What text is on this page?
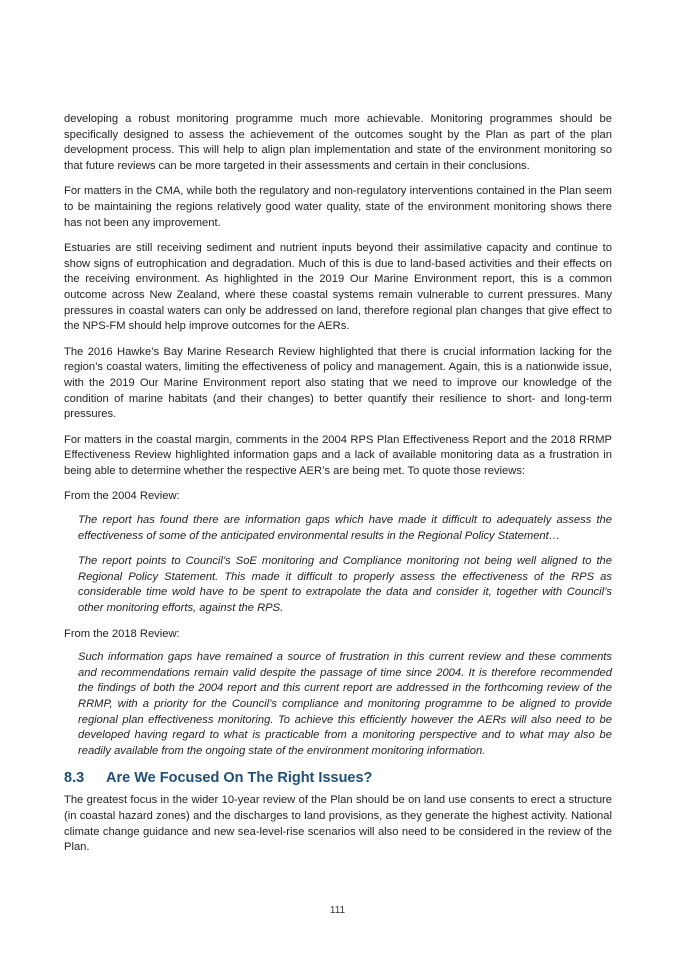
developing a robust monitoring programme much more achievable. Monitoring programmes should be specifically designed to assess the achievement of the outcomes sought by the Plan as part of the plan development process. This will help to align plan implementation and state of the environment monitoring so that future reviews can be more targeted in their assessments and certain in their conclusions.

For matters in the CMA, while both the regulatory and non-regulatory interventions contained in the Plan seem to be maintaining the regions relatively good water quality, state of the environment monitoring shows there has not been any improvement.

Estuaries are still receiving sediment and nutrient inputs beyond their assimilative capacity and continue to show signs of eutrophication and degradation. Much of this is due to land-based activities and their effects on the receiving environment. As highlighted in the 2019 Our Marine Environment report, this is a common outcome across New Zealand, where these coastal systems remain vulnerable to current pressures. Many pressures in coastal waters can only be addressed on land, therefore regional plan changes that give effect to the NPS-FM should help improve outcomes for the AERs.

The 2016 Hawke’s Bay Marine Research Review highlighted that there is crucial information lacking for the region’s coastal waters, limiting the effectiveness of policy and management. Again, this is a nationwide issue, with the 2019 Our Marine Environment report also stating that we need to improve our knowledge of the condition of marine habitats (and their changes) to better quantify their resilience to short- and long-term pressures.

For matters in the coastal margin, comments in the 2004 RPS Plan Effectiveness Report and the 2018 RRMP Effectiveness Review highlighted information gaps and a lack of available monitoring data as a frustration in being able to determine whether the respective AER’s are being met. To quote those reviews:

From the 2004 Review:

The report has found there are information gaps which have made it difficult to adequately assess the effectiveness of some of the anticipated environmental results in the Regional Policy Statement…

The report points to Council’s SoE monitoring and Compliance monitoring not being well aligned to the Regional Policy Statement. This made it difficult to properly assess the effectiveness of the RPS as considerable time wold have to be spent to extrapolate the data and consider it, together with Council’s other monitoring efforts, against the RPS.

From the 2018 Review:

Such information gaps have remained a source of frustration in this current review and these comments and recommendations remain valid despite the passage of time since 2004. It is therefore recommended the findings of both the 2004 report and this current report are addressed in the forthcoming review of the RRMP, with a priority for the Council’s compliance and monitoring programme to be aligned to provide regional plan effectiveness monitoring. To achieve this efficiently however the AERs will also need to be developed having regard to what is practicable from a monitoring perspective and to what may also be readily available from the ongoing state of the environment monitoring information.

8.3 Are We Focused On The Right Issues?

The greatest focus in the wider 10-year review of the Plan should be on land use consents to erect a structure (in coastal hazard zones) and the discharges to land provisions, as they generate the highest activity. National climate change guidance and new sea-level-rise scenarios will also need to be considered in the review of the Plan.

111
